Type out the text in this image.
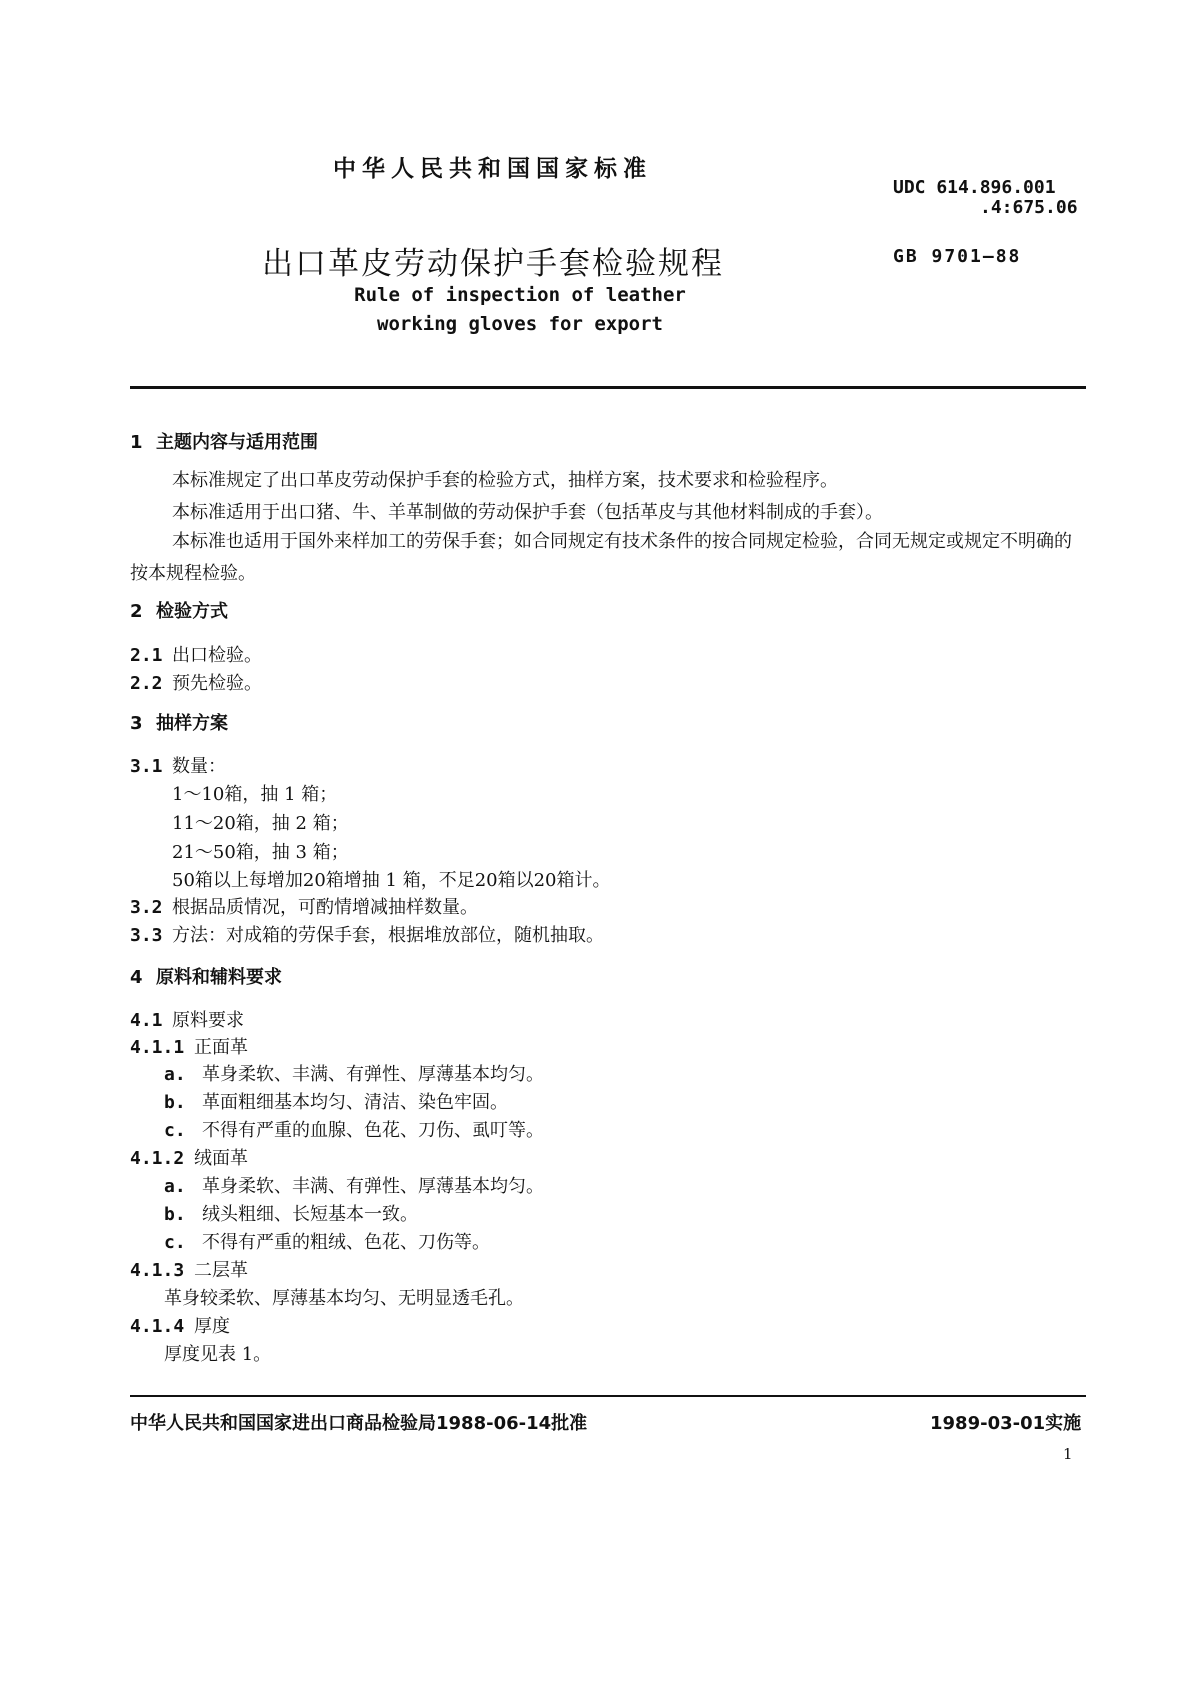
中华人民共和国国家标准
出口革皮劳动保护手套检验规程
Rule of inspection of leather
working gloves for export
UDC 614.896.001
.4:675.06
GB 9701—88
1 主题内容与适用范围
本标准规定了出口革皮劳动保护手套的检验方式，抽样方案，技术要求和检验程序。
本标准适用于出口猪、牛、羊革制做的劳动保护手套（包括革皮与其他材料制成的手套）。
本标准也适用于国外来样加工的劳保手套；如合同规定有技术条件的按合同规定检验，合同无规定或规定不明确的按本规程检验。
2 检验方式
2.1 出口检验。
2.2 预先检验。
3 抽样方案
3.1 数量：
1～10箱，抽 1 箱；
11～20箱，抽 2 箱；
21～50箱，抽 3 箱；
50箱以上每增加20箱增抽 1 箱，不足20箱以20箱计。
3.2 根据品质情况，可酌情增减抽样数量。
3.3 方法：对成箱的劳保手套，根据堆放部位，随机抽取。
4 原料和辅料要求
4.1 原料要求
4.1.1 正面革
a. 革身柔软、丰满、有弹性、厚薄基本均匀。
b. 革面粗细基本均匀、清洁、染色牢固。
c. 不得有严重的血腺、色花、刀伤、虱叮等。
4.1.2 绒面革
a. 革身柔软、丰满、有弹性、厚薄基本均匀。
b. 绒头粗细、长短基本一致。
c. 不得有严重的粗绒、色花、刀伤等。
4.1.3 二层革
革身较柔软、厚薄基本均匀、无明显透毛孔。
4.1.4 厚度
厚度见表 1。
中华人民共和国国家进出口商品检验局1988-06-14批准	1989-03-01实施
1
